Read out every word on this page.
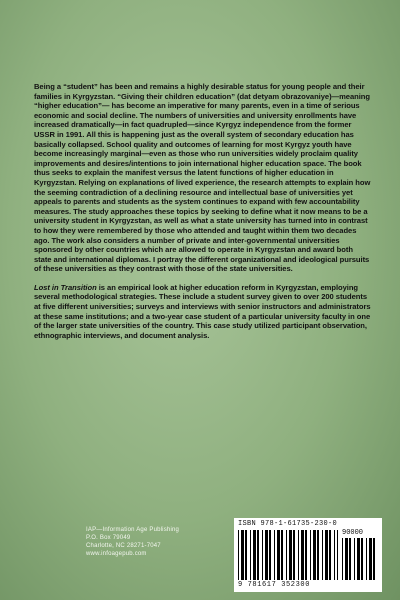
Being a “student” has been and remains a highly desirable status for young people and their families in Kyrgyzstan. “Giving their children education” (dat detyam obrazovaniye)—meaning “higher education”— has become an imperative for many parents, even in a time of serious economic and social decline. The numbers of universities and university enrollments have increased dramatically—in fact quadrupled—since Kyrgyz independence from the former USSR in 1991. All this is happening just as the overall system of secondary education has basically collapsed. School quality and outcomes of learning for most Kyrgyz youth have become increasingly marginal—even as those who run universities widely proclaim quality improvements and desires/intentions to join international higher education space. The book thus seeks to explain the manifest versus the latent functions of higher education in Kyrgyzstan. Relying on explanations of lived experience, the research attempts to explain how the seeming contradiction of a declining resource and intellectual base of universities yet appeals to parents and students as the system continues to expand with few accountability measures. The study approaches these topics by seeking to define what it now means to be a university student in Kyrgyzstan, as well as what a state university has turned into in contrast to how they were remembered by those who attended and taught within them two decades ago. The work also considers a number of private and inter-governmental universities sponsored by other countries which are allowed to operate in Kyrgyzstan and award both state and international diplomas. I portray the different organizational and ideological pursuits of these universities as they contrast with those of the state universities.

Lost in Transition is an empirical look at higher education reform in Kyrgyzstan, employing several methodological strategies. These include a student survey given to over 200 students at five different universities; surveys and interviews with senior instructors and administrators at these same institutions; and a two-year case student of a particular university faculty in one of the larger state universities of the country. This case study utilized participant observation, ethnographic interviews, and document analysis.

IAP—Information Age Publishing
P.O. Box 79049
Charlotte, NC 28271-7047
www.infoagepub.com
ISBN 978-1-61735-230-0
90000
9 781617 352300
